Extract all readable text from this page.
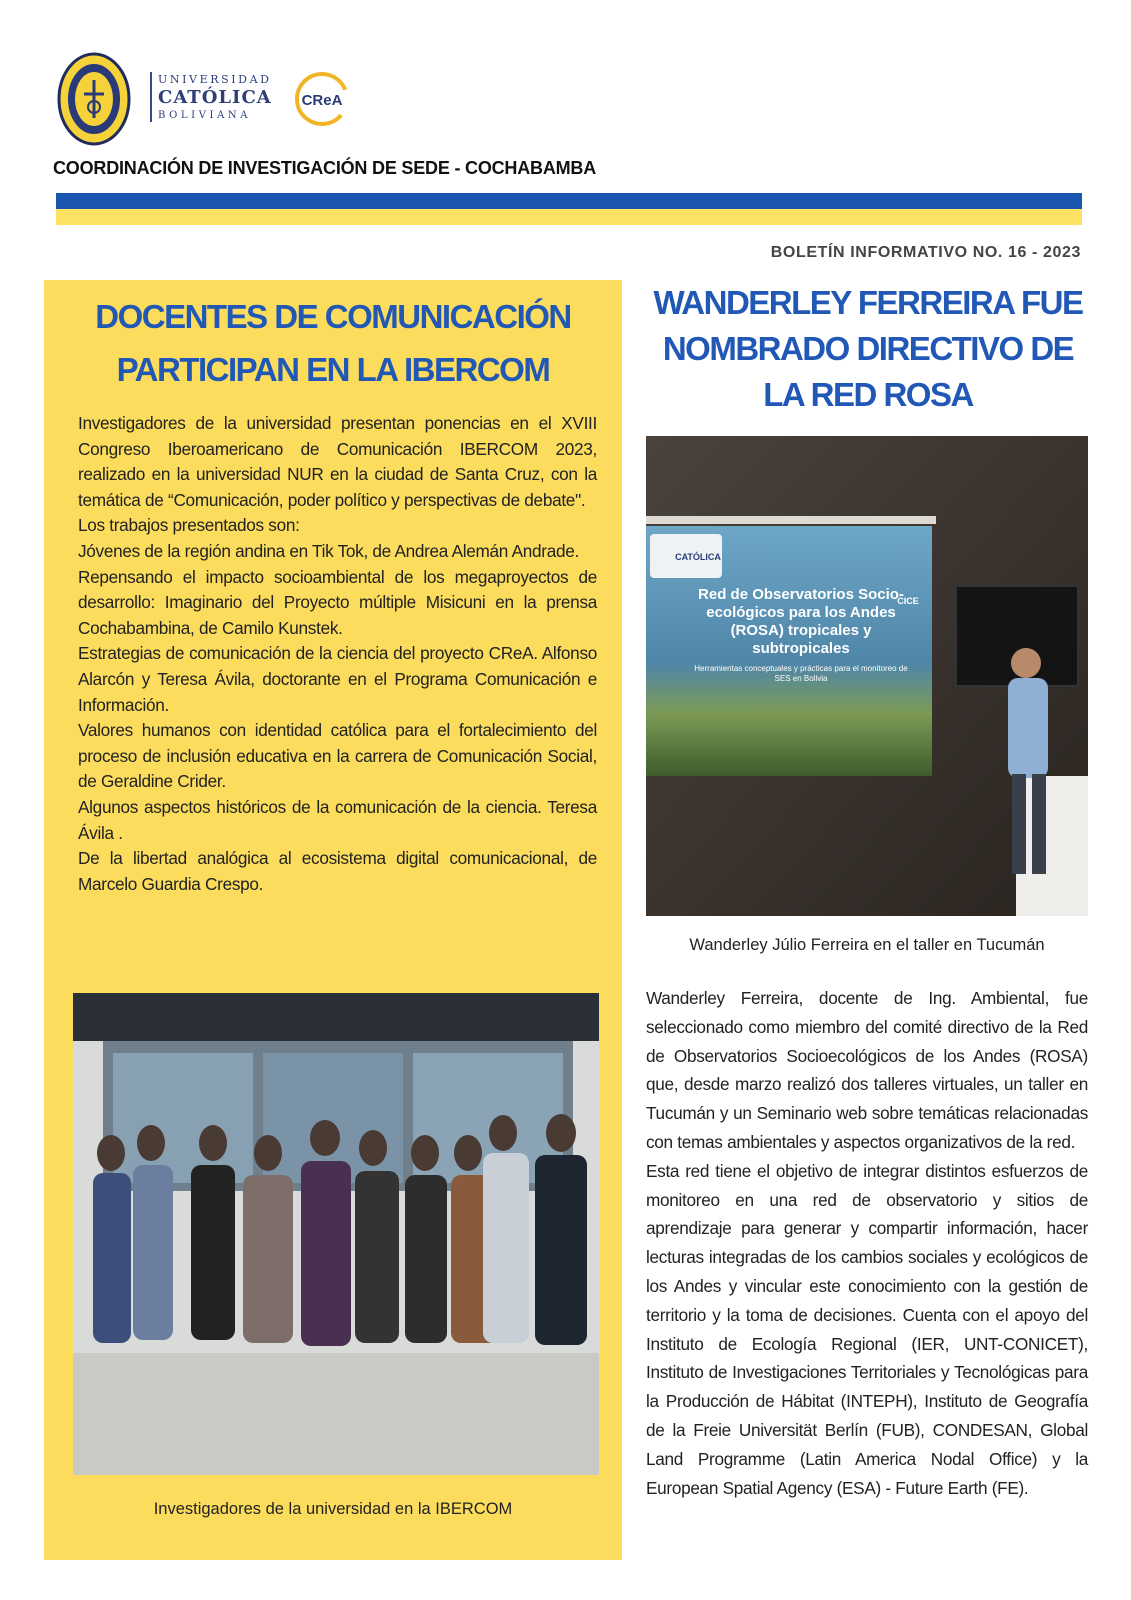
UNIVERSIDAD
CATÓLICA
BOLIVIANA
CReA
COORDINACIÓN DE INVESTIGACIÓN DE SEDE - COCHABAMBA
BOLETÍN INFORMATIVO NO. 16 - 2023
DOCENTES DE COMUNICACIÓN PARTICIPAN EN LA IBERCOM

Investigadores de la universidad presentan ponencias en el XVIII Congreso Iberoamericano de Comunicación IBERCOM 2023, realizado en la universidad NUR en la ciudad de Santa Cruz, con la temática de “Comunicación, poder político y perspectivas de debate".

Los trabajos presentados son:

Jóvenes de la región andina en Tik Tok, de Andrea Alemán Andrade.

Repensando el impacto socioambiental de los megaproyectos de desarrollo: Imaginario del Proyecto múltiple Misicuni en la prensa Cochabambina, de Camilo Kunstek.

Estrategias de comunicación de la ciencia del proyecto CReA. Alfonso Alarcón y Teresa Ávila, doctorante en el Programa Comunicación e Información.

Valores humanos con identidad católica para el fortalecimiento del proceso de inclusión educativa en la carrera de Comunicación Social, de Geraldine Crider.

Algunos aspectos históricos de la comunicación de la ciencia. Teresa Ávila .

De la libertad analógica al ecosistema digital comunicacional, de Marcelo Guardia Crespo.

Investigadores de la universidad en la IBERCOM
WANDERLEY FERREIRA FUE NOMBRADO DIRECTIVO DE LA RED ROSA
CATÓLICA
CICE
Red de Observatorios Socio-ecológicos para los Andes (ROSA) tropicales y subtropicales
Herramientas conceptuales y prácticas para el monitoreo de SES en Bolivia
Wanderley Júlio Ferreira en el taller en Tucumán

Wanderley Ferreira, docente de Ing. Ambiental, fue seleccionado como miembro del comité directivo de la Red de Observatorios Socioecológicos de los Andes (ROSA) que, desde marzo realizó dos talleres virtuales, un taller en Tucumán y un Seminario web sobre temáticas relacionadas con temas ambientales y aspectos organizativos de la red.

Esta red tiene el objetivo de integrar distintos esfuerzos de monitoreo en una red de observatorio y sitios de aprendizaje para generar y compartir información, hacer lecturas integradas de los cambios sociales y ecológicos de los Andes y vincular este conocimiento con la gestión de territorio y la toma de decisiones. Cuenta con el apoyo del Instituto de Ecología Regional (IER, UNT-CONICET), Instituto de Investigaciones Territoriales y Tecnológicas para la Producción de Hábitat (INTEPH), Instituto de Geografía de la Freie Universität Berlín (FUB), CONDESAN, Global Land Programme (Latin America Nodal Office) y la European Spatial Agency (ESA) - Future Earth (FE).
